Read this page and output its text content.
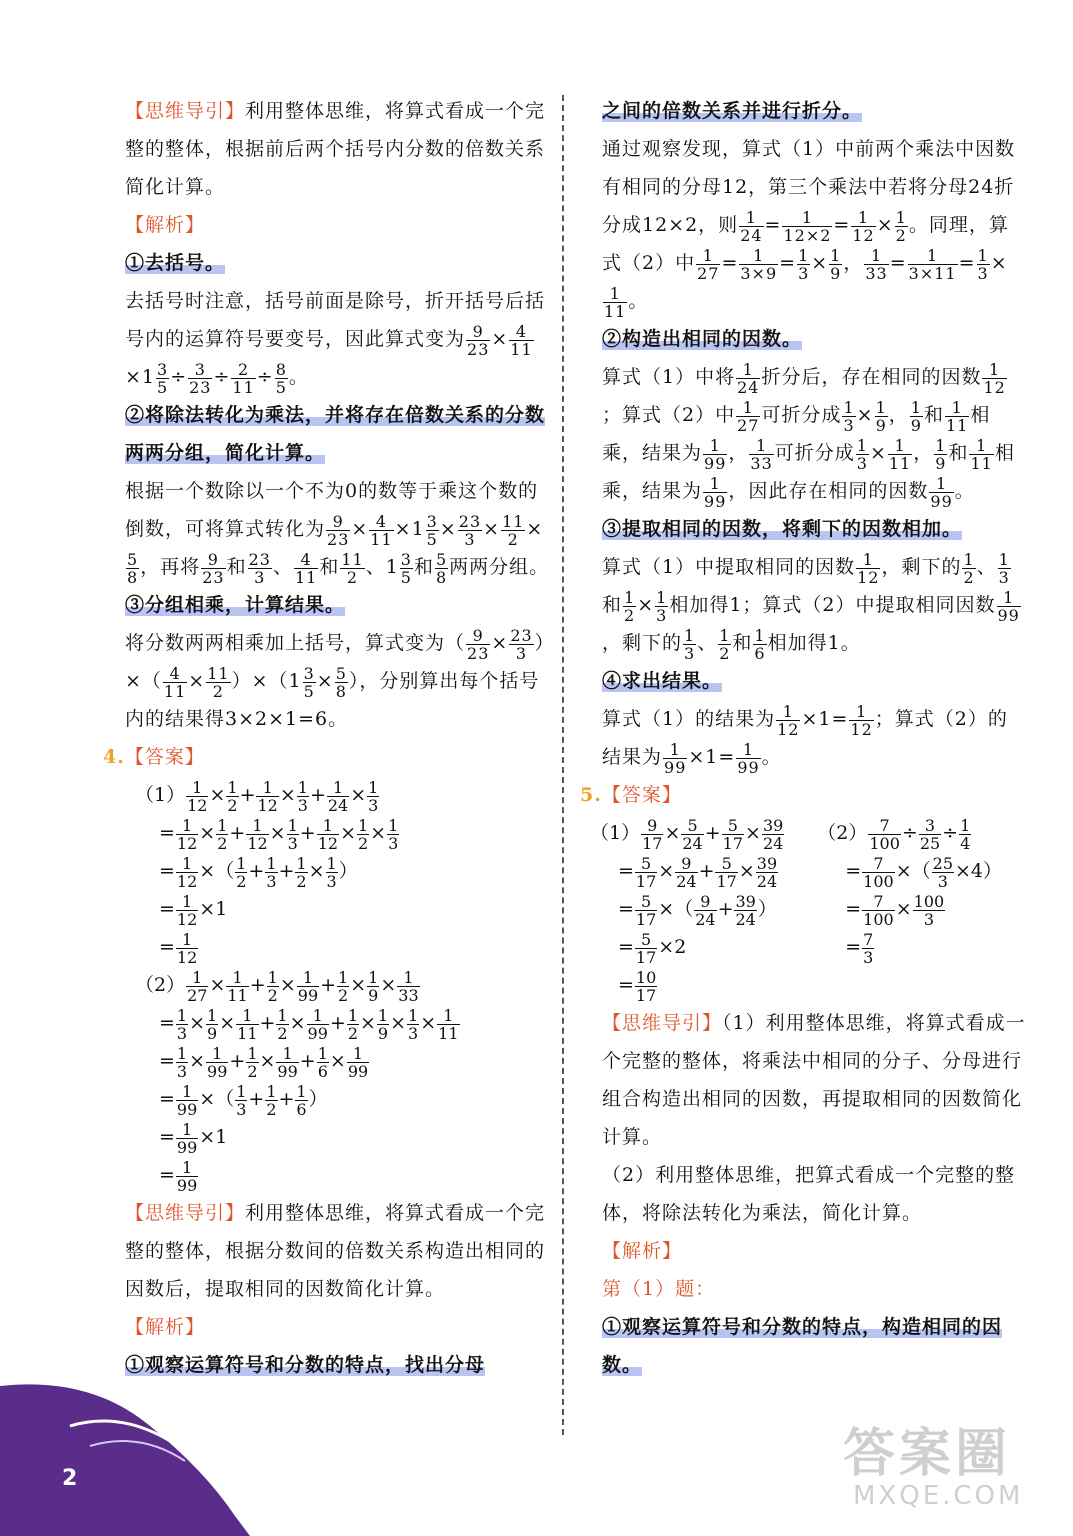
【思维导引】利用整体思维，将算式看成一个完整的整体，根据前后两个括号内分数的倍数关系简化计算。

【解析】

①去括号。

去括号时注意，括号前面是除号，折开括号后括号内的运算符号要变号，因此算式变为 $\frac{9}{23} \times \frac{4}{11}$
$\times 1 \frac{3}{5} \div \frac{3}{23} \div \frac{2}{11} \div \frac{8}{5}$ 。

②将除法转化为乘法，并将存在倍数关系的分数两两分组，简化计算。

根据一个数除以一个不为0的数等于乘这个数的倒数，可将算式转化为 $\frac{9}{23} \times \frac{4}{11} \times 1 \frac{3}{5} \times \frac{23}{3} \times \frac{11}{2}$ ×
$\frac{5}{8}$ ，再将 $\frac{9}{23}$ 和 $\frac{23}{3}$ 、 $\frac{4}{11}$ 和 $\frac{11}{2}$ 、$1 \frac{3}{5}$ 和 $\frac{5}{8}$ 两两分组。

③分组相乘，计算结果。

将分数两两相乘加上括号，算式变为（ $\frac{9}{23} \times \frac{23}{3}$ ）×（ $\frac{4}{11} \times \frac{11}{2} )\times(1 \frac{3}{5} \times \frac{5}{8}$ ），分别算出每个括号内的结果得3×2×1=6。

4.【答案】

$(1) \frac{1}{12} \times \frac{1}{2} + \frac{1}{12} \times \frac{1}{3} + \frac{1}{24} \times \frac{1}{3}$
= $\frac{1}{12} \times \frac{1}{2} + \frac{1}{12} \times \frac{1}{3} + \frac{1}{12} \times \frac{1}{2} \times \frac{1}{3}$
= $\frac{1}{12}$ ×（ $\frac{1}{2} + \frac{1}{3} + \frac{1}{2} \times \frac{1}{3}$ ）
= $\frac{1}{12} \times 1$
= $\frac{1}{12}$
$(2) \frac{1}{27} \times \frac{1}{11} + \frac{1}{2} \times \frac{1}{99} + \frac{1}{2} \times \frac{1}{9} \times \frac{1}{33}$
= $\frac{1}{3} \times \frac{1}{9} \times \frac{1}{11} + \frac{1}{2} \times \frac{1}{99} + \frac{1}{2} \times \frac{1}{9} \times \frac{1}{3} \times \frac{1}{11}$
= $\frac{1}{3} \times \frac{1}{99} + \frac{1}{2} \times \frac{1}{99} + \frac{1}{6} \times \frac{1}{99}$
= $\frac{1}{99}$ ×（ $\frac{1}{3} + \frac{1}{2} + \frac{1}{6}$ ）
= $\frac{1}{99} \times 1$
= $\frac{1}{99}$

【思维导引】利用整体思维，将算式看成一个完整的整体，根据分数间的倍数关系构造出相同的因数后，提取相同的因数简化计算。

【解析】

①观察运算符号和分数的特点，找出分母

之间的倍数关系并进行折分。

通过观察发现，算式（1）中前两个乘法中因数有相同的分母12，第三个乘法中若将分母24折分成12×2，则 $\frac{1}{24} = \frac{1}{12\times 2} = \frac{1}{12} \times \frac{1}{2}$ 。同理，算式（2）中 $\frac{1}{27} = \frac{1}{3\times 9} = \frac{1}{3} \times \frac{1}{9}$ ， $\frac{1}{33} = \frac{1}{3\times 11} = \frac{1}{3}$ ×
$\frac{1}{11}$ 。

②构造出相同的因数。

算式（1）中将 $\frac{1}{24}$ 折分后，存在相同的因数 $\frac{1}{12}$
；算式（2）中 $\frac{1}{27}$ 可折分成 $\frac{1}{3} \times \frac{1}{9}$ ， $\frac{1}{9}$ 和 $\frac{1}{11}$ 相乘，结果为 $\frac{1}{99}$ ， $\frac{1}{33}$ 可折分成 $\frac{1}{3} \times \frac{1}{11}$ ， $\frac{1}{9}$ 和 $\frac{1}{11}$ 相乘，结果为 $\frac{1}{99}$ ，因此存在相同的因数 $\frac{1}{99}$ 。

③提取相同的因数，将剩下的因数相加。

算式（1）中提取相同的因数 $\frac{1}{12}$ ，剩下的 $\frac{1}{2}$ 、 $\frac{1}{3}$
和 $\frac{1}{2} \times \frac{1}{3}$ 相加得1；算式（2）中提取相同因数 $\frac{1}{99}$
，剩下的 $\frac{1}{3}$ 、 $\frac{1}{2}$ 和 $\frac{1}{6}$ 相加得1。

④求出结果。

算式（1）的结果为 $\frac{1}{12} \times 1= \frac{1}{12}$ ；算式（2）的结果为 $\frac{1}{99} \times 1= \frac{1}{99}$ 。

5.【答案】

$(1) \frac{9}{17} \times \frac{5}{24} + \frac{5}{17} \times \frac{39}{24}$
= $\frac{5}{17} \times \frac{9}{24} + \frac{5}{17} \times \frac{39}{24}$
= $\frac{5}{17}$ ×（ $\frac{9}{24} + \frac{39}{24}$ ）
= $\frac{5}{17} \times 2$
= $\frac{10}{17}$
$(2) \frac{7}{100} \div \frac{3}{25} \div \frac{1}{4}$
= $\frac{7}{100}$ ×（ $\frac{25}{3} \times 4$）
= $\frac{7}{100} \times \frac{100}{3}$
= $\frac{7}{3}$

【思维导引】（1）利用整体思维，将算式看成一个完整的整体，将乘法中相同的分子、分母进行组合构造出相同的因数，再提取相同的因数简化计算。

（2）利用整体思维，把算式看成一个完整的整体，将除法转化为乘法，简化计算。

【解析】

第（1）题：

①观察运算符号和分数的特点，构造相同的因数。

2	答案圈
MXQE.COM
